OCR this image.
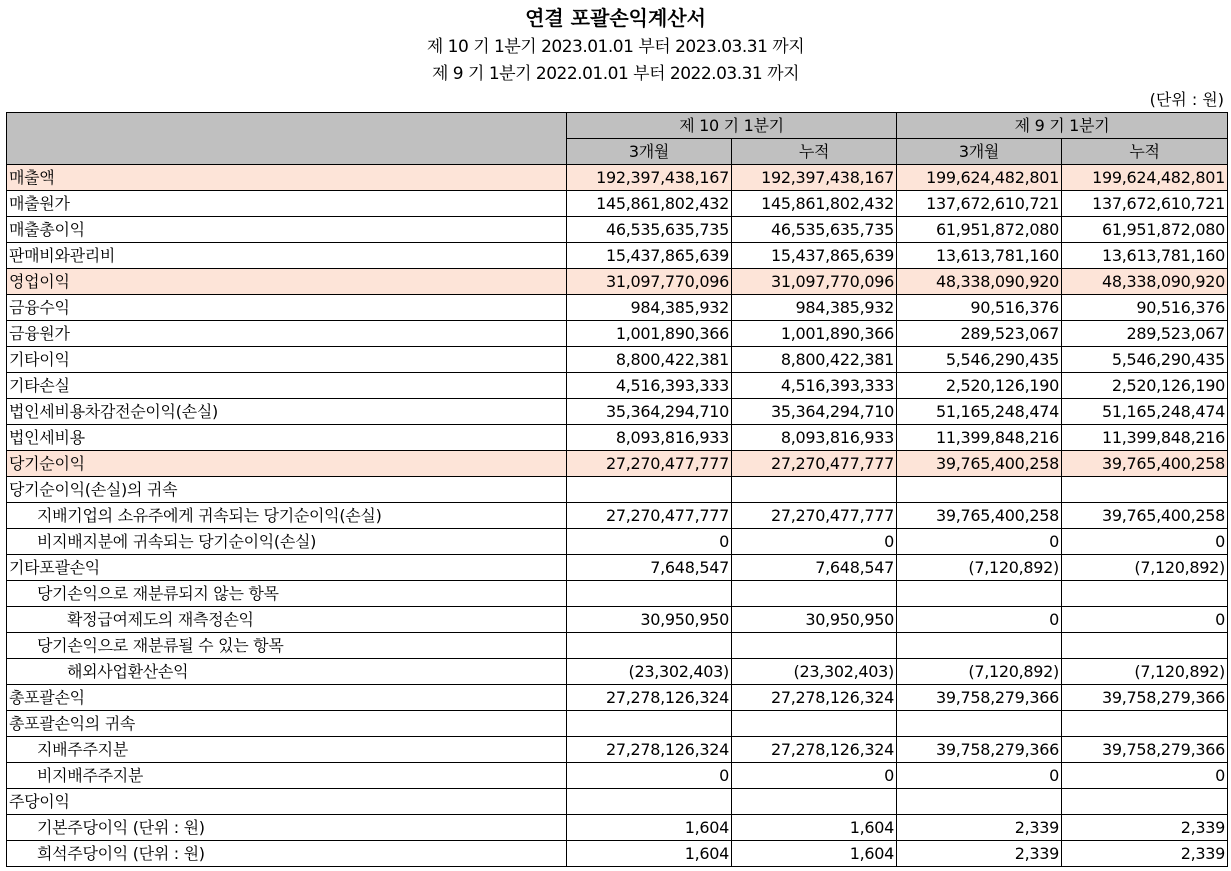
연결 포괄손익계산서
제 10 기 1분기 2023.01.01 부터 2023.03.31 까지
제 9 기 1분기 2022.01.01 부터 2022.03.31 까지
(단위 : 원)
	제 10 기 1분기		제 9 기 1분기	
	3개월	누적	3개월	누적
매출액	192,397,438,167	192,397,438,167	199,624,482,801	199,624,482,801
매출원가	145,861,802,432	145,861,802,432	137,672,610,721	137,672,610,721
매출총이익	46,535,635,735	46,535,635,735	61,951,872,080	61,951,872,080
판매비와관리비	15,437,865,639	15,437,865,639	13,613,781,160	13,613,781,160
영업이익	31,097,770,096	31,097,770,096	48,338,090,920	48,338,090,920
금융수익	984,385,932	984,385,932	90,516,376	90,516,376
금융원가	1,001,890,366	1,001,890,366	289,523,067	289,523,067
기타이익	8,800,422,381	8,800,422,381	5,546,290,435	5,546,290,435
기타손실	4,516,393,333	4,516,393,333	2,520,126,190	2,520,126,190
법인세비용차감전순이익(손실)	35,364,294,710	35,364,294,710	51,165,248,474	51,165,248,474
법인세비용	8,093,816,933	8,093,816,933	11,399,848,216	11,399,848,216
당기순이익	27,270,477,777	27,270,477,777	39,765,400,258	39,765,400,258
당기순이익(손실)의 귀속				
지배기업의 소유주에게 귀속되는 당기순이익(손실)	27,270,477,777	27,270,477,777	39,765,400,258	39,765,400,258
비지배지분에 귀속되는 당기순이익(손실)	0	0	0	0
기타포괄손익	7,648,547	7,648,547	(7,120,892)	(7,120,892)
당기손익으로 재분류되지 않는 항목				
확정급여제도의 재측정손익	30,950,950	30,950,950	0	0
당기손익으로 재분류될 수 있는 항목				
해외사업환산손익	(23,302,403)	(23,302,403)	(7,120,892)	(7,120,892)
총포괄손익	27,278,126,324	27,278,126,324	39,758,279,366	39,758,279,366
총포괄손익의 귀속				
지배주주지분	27,278,126,324	27,278,126,324	39,758,279,366	39,758,279,366
비지배주주지분	0	0	0	0
주당이익				
기본주당이익 (단위 : 원)	1,604	1,604	2,339	2,339
희석주당이익 (단위 : 원)	1,604	1,604	2,339	2,339
